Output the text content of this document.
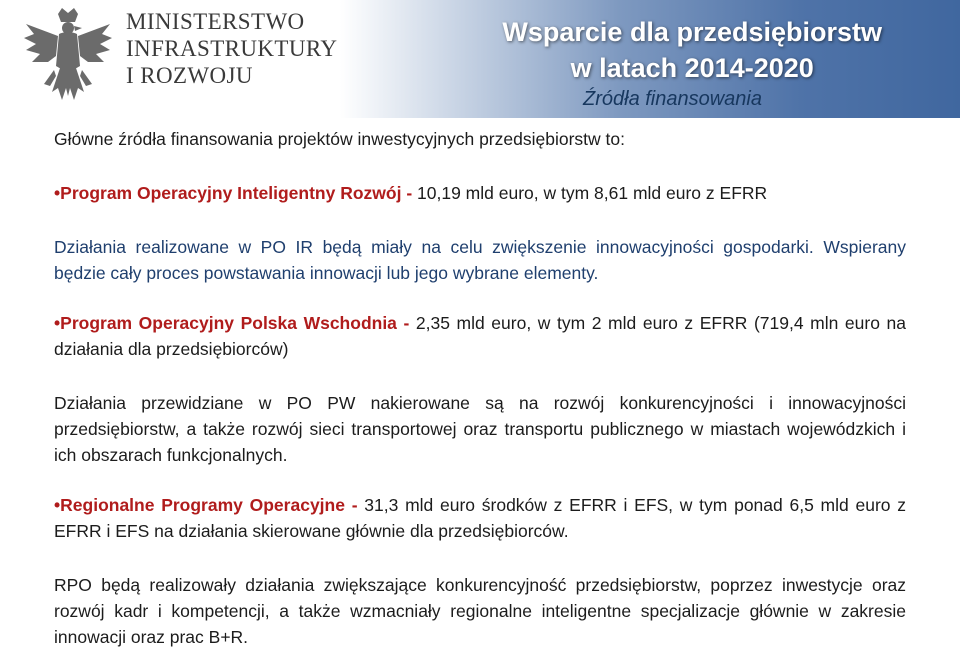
MINISTERSTWO
INFRASTRUKTURY
I ROZWOJU
Wsparcie dla przedsiębiorstw
w latach 2014-2020
Źródła finansowania

Główne źródła finansowania projektów inwestycyjnych przedsiębiorstw to:

•Program Operacyjny Inteligentny Rozwój - 10,19 mld euro, w tym 8,61 mld euro z EFRR

Działania realizowane w PO IR będą miały na celu zwiększenie innowacyjności gospodarki. Wspierany będzie cały proces powstawania innowacji lub jego wybrane elementy.

•Program Operacyjny Polska Wschodnia - 2,35 mld euro, w tym 2 mld euro z EFRR (719,4 mln euro na działania dla przedsiębiorców)

Działania przewidziane w PO PW nakierowane są na rozwój konkurencyjności i innowacyjności przedsiębiorstw, a także rozwój sieci transportowej oraz transportu publicznego w miastach wojewódzkich i ich obszarach funkcjonalnych.

•Regionalne Programy Operacyjne - 31,3 mld euro środków z EFRR i EFS, w tym ponad 6,5 mld euro z EFRR i EFS na działania skierowane głównie dla przedsiębiorców.

RPO będą realizowały działania zwiększające konkurencyjność przedsiębiorstw, poprzez inwestycje oraz rozwój kadr i kompetencji, a także wzmacniały regionalne inteligentne specjalizacje głównie w zakresie innowacji oraz prac B+R.
